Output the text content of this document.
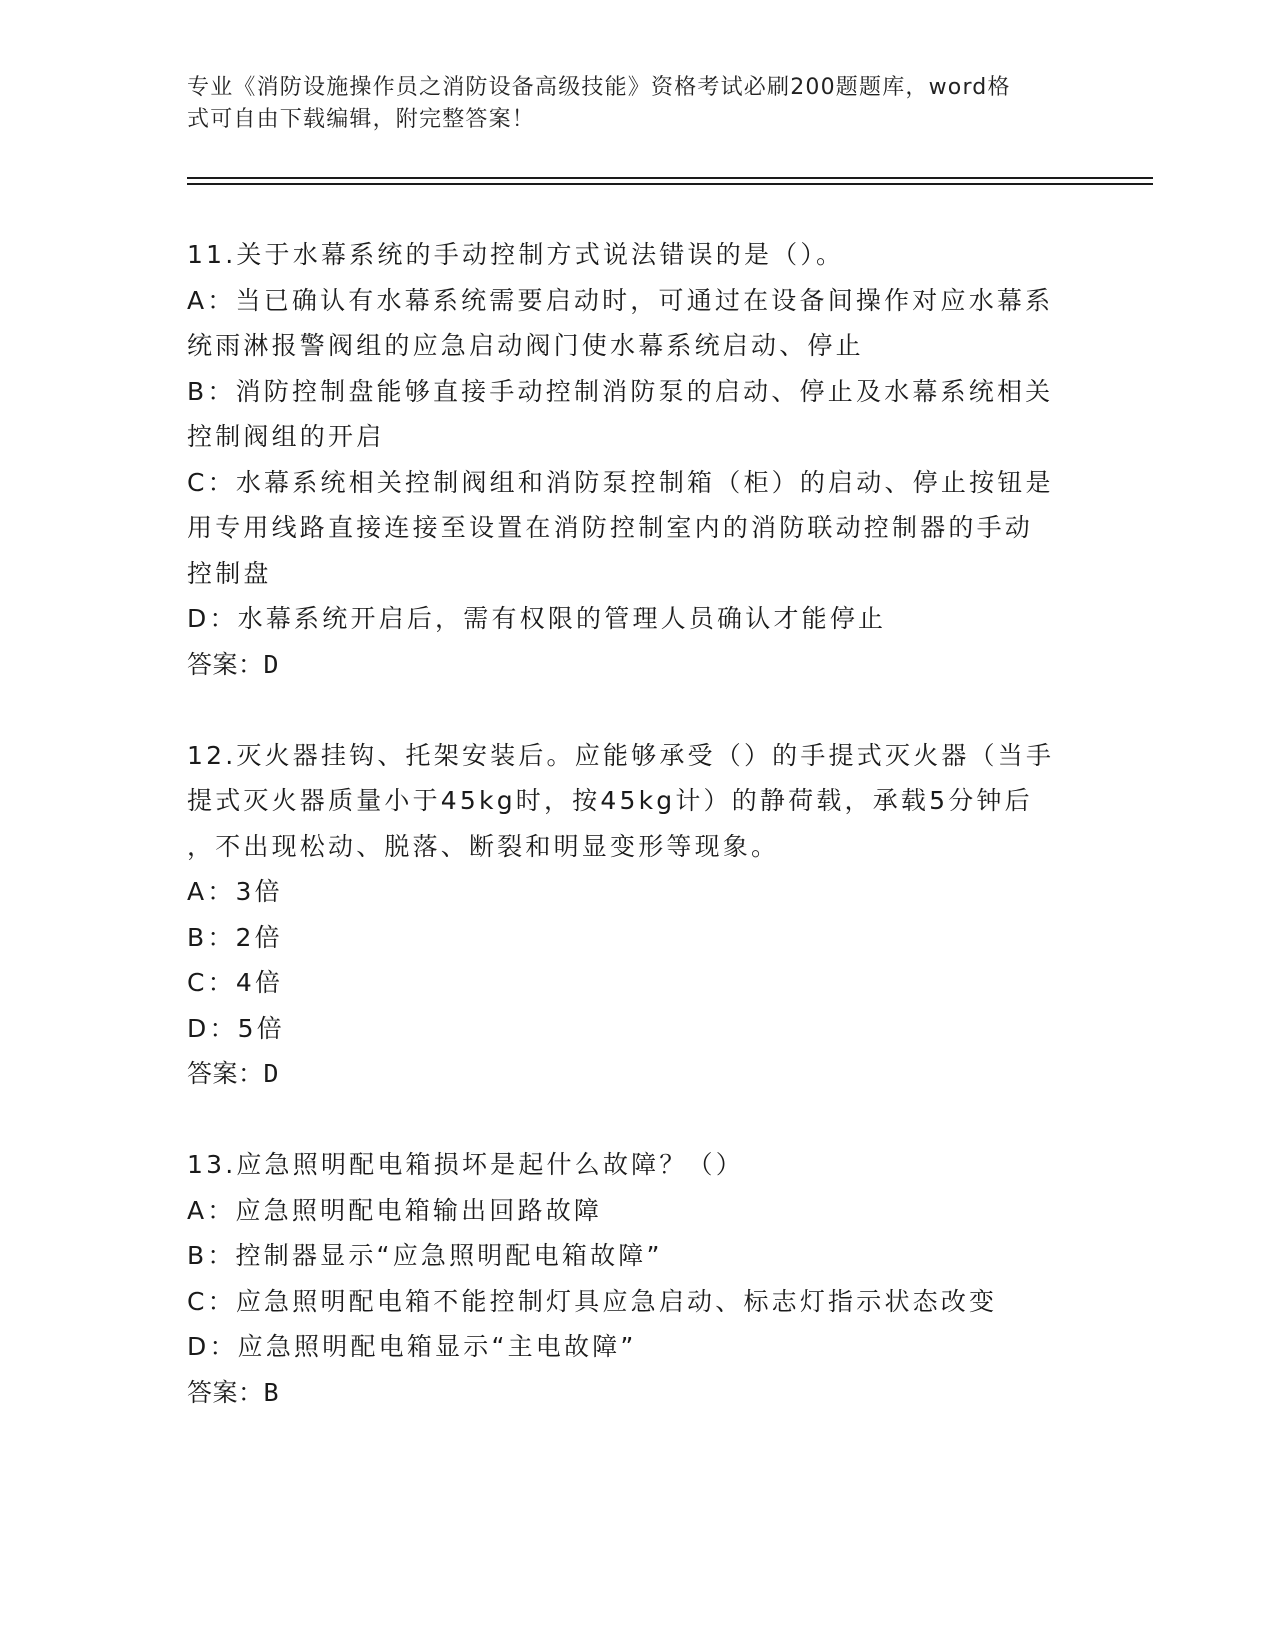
专业《消防设施操作员之消防设备高级技能》资格考试必刷200题题库，word格
式可自由下载编辑，附完整答案！
11.关于水幕系统的手动控制方式说法错误的是（）。
A：当已确认有水幕系统需要启动时，可通过在设备间操作对应水幕系
统雨淋报警阀组的应急启动阀门使水幕系统启动、停止
B：消防控制盘能够直接手动控制消防泵的启动、停止及水幕系统相关
控制阀组的开启
C：水幕系统相关控制阀组和消防泵控制箱（柜）的启动、停止按钮是
用专用线路直接连接至设置在消防控制室内的消防联动控制器的手动
控制盘
D：水幕系统开启后，需有权限的管理人员确认才能停止
答案：D
12.灭火器挂钩、托架安装后。应能够承受（）的手提式灭火器（当手
提式灭火器质量小于45kg时，按45kg计）的静荷载，承载5分钟后
，不出现松动、脱落、断裂和明显变形等现象。
A：3倍
B：2倍
C：4倍
D：5倍
答案：D
13.应急照明配电箱损坏是起什么故障？（）
A：应急照明配电箱输出回路故障
B：控制器显示“应急照明配电箱故障”
C：应急照明配电箱不能控制灯具应急启动、标志灯指示状态改变
D：应急照明配电箱显示“主电故障”
答案：B
